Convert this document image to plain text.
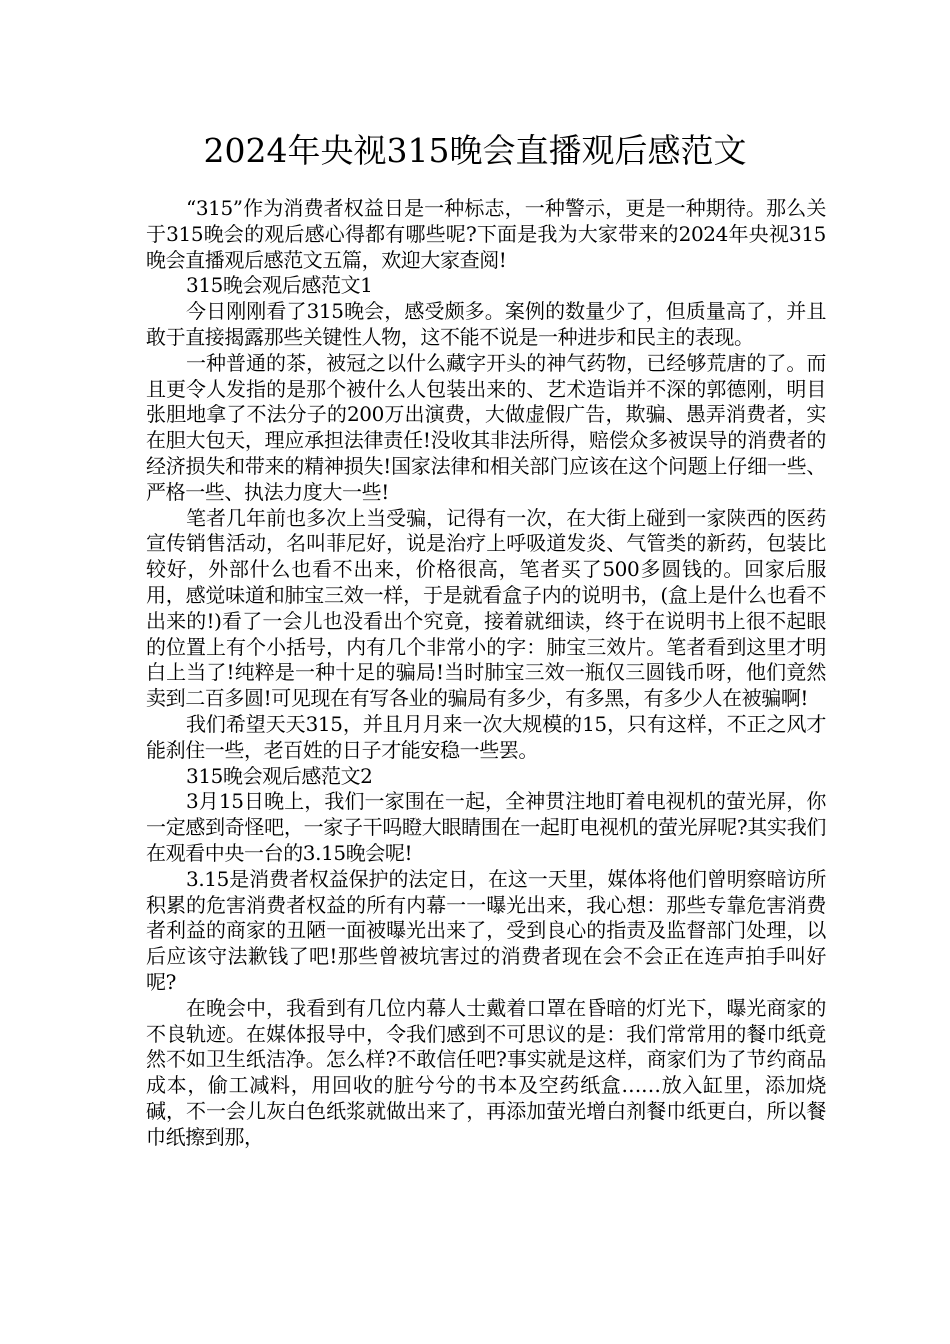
2024年央视315晚会直播观后感范文

“315”作为消费者权益日是一种标志，一种警示，更是一种期待。那么关于315晚会的观后感心得都有哪些呢?下面是我为大家带来的2024年央视315晚会直播观后感范文五篇，欢迎大家查阅!

315晚会观后感范文1

今日刚刚看了315晚会，感受颇多。案例的数量少了，但质量高了，并且敢于直接揭露那些关键性人物，这不能不说是一种进步和民主的表现。

一种普通的茶，被冠之以什么藏字开头的神气药物，已经够荒唐的了。而且更令人发指的是那个被什么人包装出来的、艺术造诣并不深的郭德刚，明目张胆地拿了不法分子的200万出演费，大做虚假广告，欺骗、愚弄消费者，实在胆大包天，理应承担法律责任!没收其非法所得，赔偿众多被误导的消费者的经济损失和带来的精神损失!国家法律和相关部门应该在这个问题上仔细一些、严格一些、执法力度大一些!

笔者几年前也多次上当受骗，记得有一次，在大街上碰到一家陕西的医药宣传销售活动，名叫菲尼好，说是治疗上呼吸道发炎、气管类的新药，包装比较好，外部什么也看不出来，价格很高，笔者买了500多圆钱的。回家后服用，感觉味道和肺宝三效一样，于是就看盒子内的说明书，(盒上是什么也看不出来的!)看了一会儿也没看出个究竟，接着就细读，终于在说明书上很不起眼的位置上有个小括号，内有几个非常小的字：肺宝三效片。笔者看到这里才明白上当了!纯粹是一种十足的骗局!当时肺宝三效一瓶仅三圆钱币呀，他们竟然卖到二百多圆!可见现在有写各业的骗局有多少，有多黑，有多少人在被骗啊!

我们希望天天315，并且月月来一次大规模的15，只有这样，不正之风才能刹住一些，老百姓的日子才能安稳一些罢。

315晚会观后感范文2

3月15日晚上，我们一家围在一起，全神贯注地盯着电视机的萤光屏，你一定感到奇怪吧，一家子干吗瞪大眼睛围在一起盯电视机的萤光屏呢?其实我们在观看中央一台的3.15晚会呢!

3.15是消费者权益保护的法定日，在这一天里，媒体将他们曾明察暗访所积累的危害消费者权益的所有内幕一一曝光出来，我心想：那些专靠危害消费者利益的商家的丑陋一面被曝光出来了，受到良心的指责及监督部门处理，以后应该守法歉钱了吧!那些曾被坑害过的消费者现在会不会正在连声拍手叫好呢?

在晚会中，我看到有几位内幕人士戴着口罩在昏暗的灯光下，曝光商家的不良轨迹。在媒体报导中，令我们感到不可思议的是：我们常常用的餐巾纸竟然不如卫生纸洁净。怎么样?不敢信任吧?事实就是这样，商家们为了节约商品成本，偷工减料，用回收的脏兮兮的书本及空药纸盒……放入缸里，添加烧碱，不一会儿灰白色纸浆就做出来了，再添加萤光增白剂餐巾纸更白，所以餐巾纸擦到那，
